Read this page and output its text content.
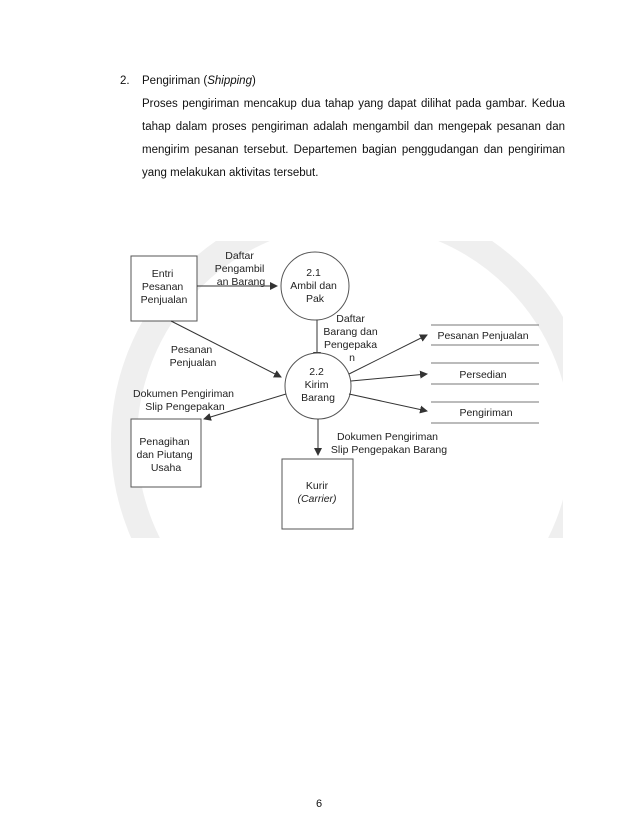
2. Pengiriman (Shipping)

Proses pengiriman mencakup dua tahap yang dapat dilihat pada gambar. Kedua tahap dalam proses pengiriman adalah mengambil dan mengepak pesanan dan mengirim pesanan tersebut. Departemen bagian penggudangan dan pengiriman yang melakukan aktivitas tersebut.

Entri Pesanan Penjualan
Daftar Pengambil an Barang
2.1 Ambil dan Pak
Daftar Barang dan Pengepaka n
Pesanan Penjualan
2.2 Kirim Barang
Pesanan Penjualan
Persedian
Pengiriman
Dokumen Pengiriman Slip Pengepakan
Penagihan dan Piutang Usaha
Dokumen Pengiriman Slip Pengepakan Barang
Kurir
(Carrier)
6
